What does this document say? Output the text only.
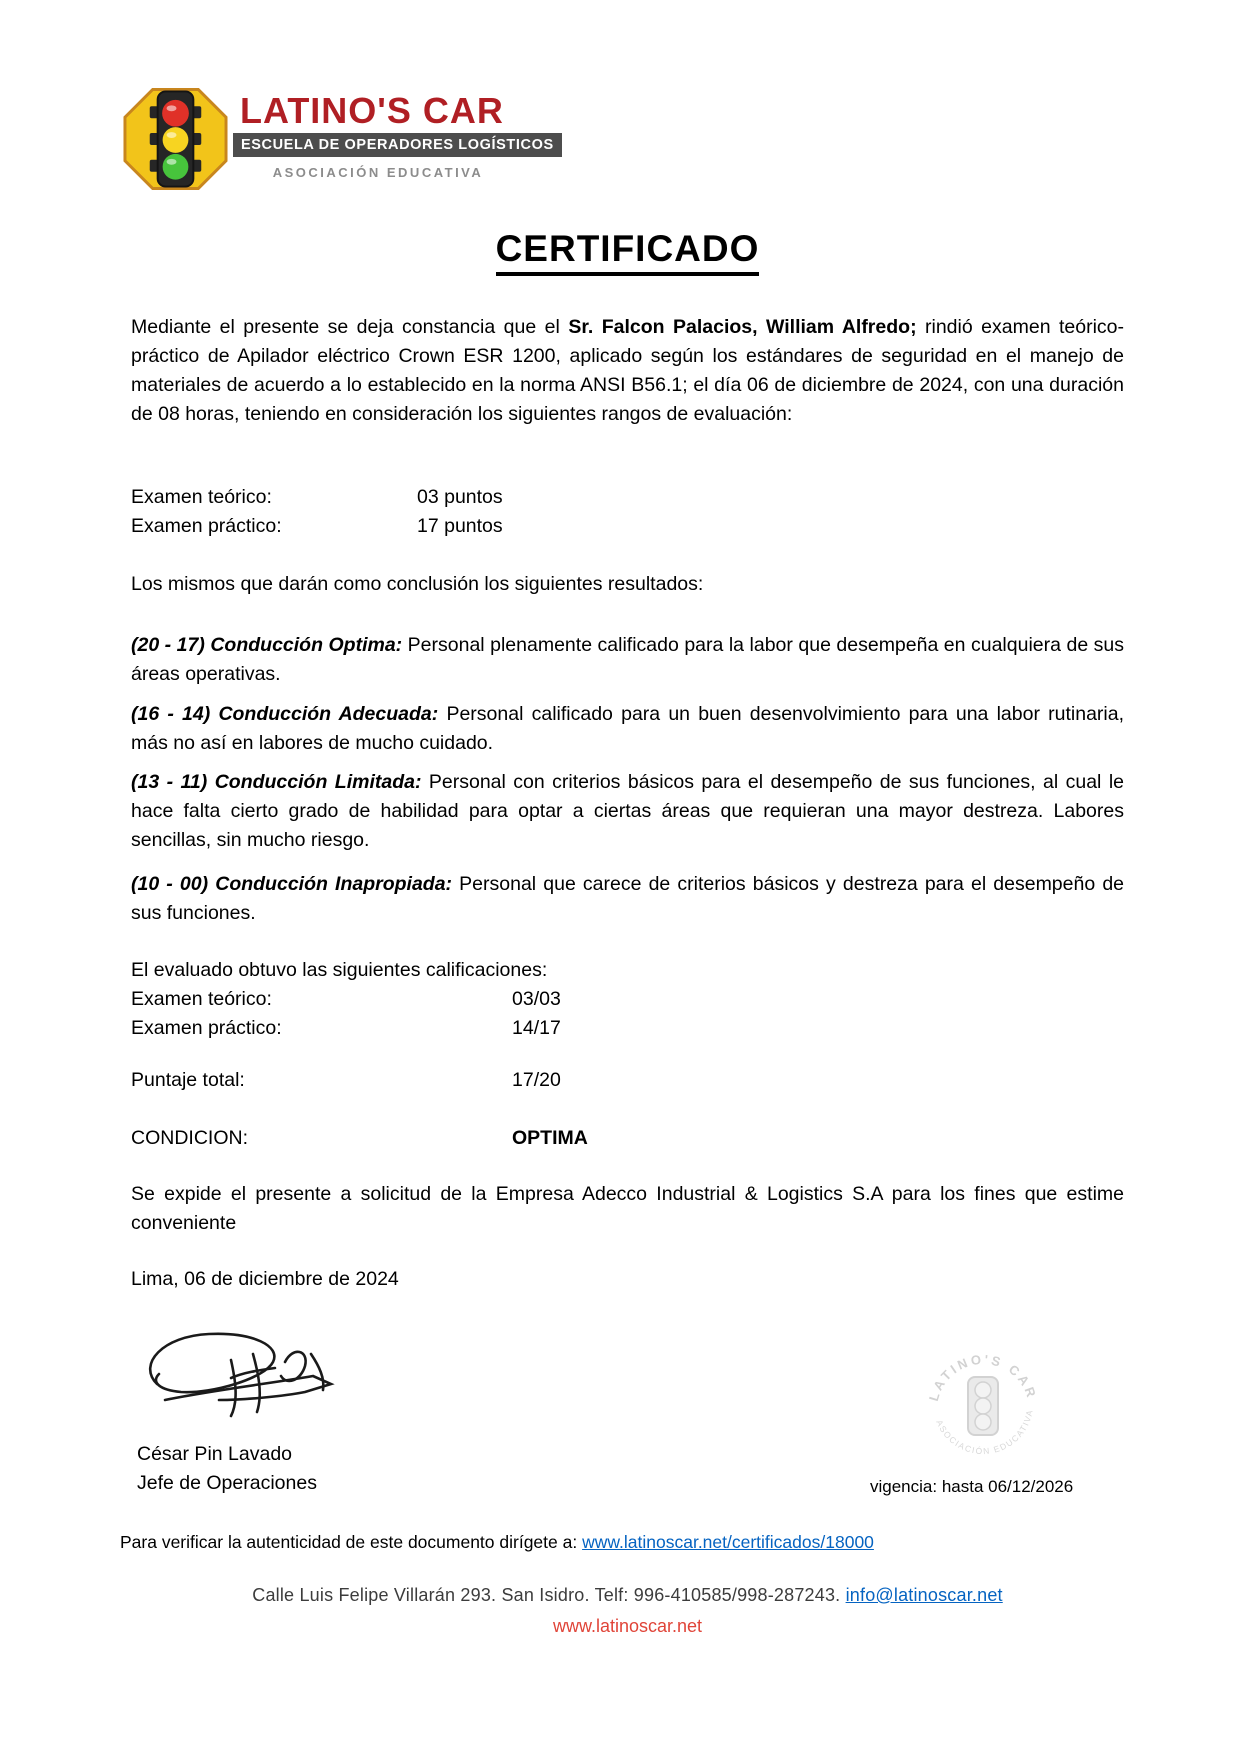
LATINO'S CAR
ESCUELA DE OPERADORES LOGÍSTICOS
ASOCIACIÓN EDUCATIVA
CERTIFICADO

Mediante el presente se deja constancia que el Sr. Falcon Palacios, William Alfredo; rindió examen teórico-práctico de Apilador eléctrico Crown ESR 1200, aplicado según los estándares de seguridad en el manejo de materiales de acuerdo a lo establecido en la norma ANSI B56.1; el día 06 de diciembre de 2024, con una duración de 08 horas, teniendo en consideración los siguientes rangos de evaluación:

Examen teórico:	03 puntos
Examen práctico:	17 puntos
Los mismos que darán como conclusión los siguientes resultados:

(20 - 17) Conducción Optima: Personal plenamente calificado para la labor que desempeña en cualquiera de sus áreas operativas.

(16 - 14) Conducción Adecuada: Personal calificado para un buen desenvolvimiento para una labor rutinaria, más no así en labores de mucho cuidado.

(13 - 11) Conducción Limitada: Personal con criterios básicos para el desempeño de sus funciones, al cual le hace falta cierto grado de habilidad para optar a ciertas áreas que requieran una mayor destreza. Labores sencillas, sin mucho riesgo.

(10 - 00) Conducción Inapropiada: Personal que carece de criterios básicos y destreza para el desempeño de sus funciones.

El evaluado obtuvo las siguientes calificaciones:
Examen teórico:	03/03
Examen práctico:	14/17
Puntaje total:	17/20
CONDICION:	OPTIMA

Se expide el presente a solicitud de la Empresa Adecco Industrial & Logistics S.A para los fines que estime conveniente

Lima, 06 de diciembre de 2024
César Pin Lavado
Jefe de Operaciones
LATINO'S CAR
ASOCIACIÓN EDUCATIVA
vigencia: hasta 06/12/2026
Para verificar la autenticidad de este documento dirígete a: www.latinoscar.net/certificados/18000
Calle Luis Felipe Villarán 293. San Isidro. Telf: 996-410585/998-287243. info@latinoscar.net
www.latinoscar.net
